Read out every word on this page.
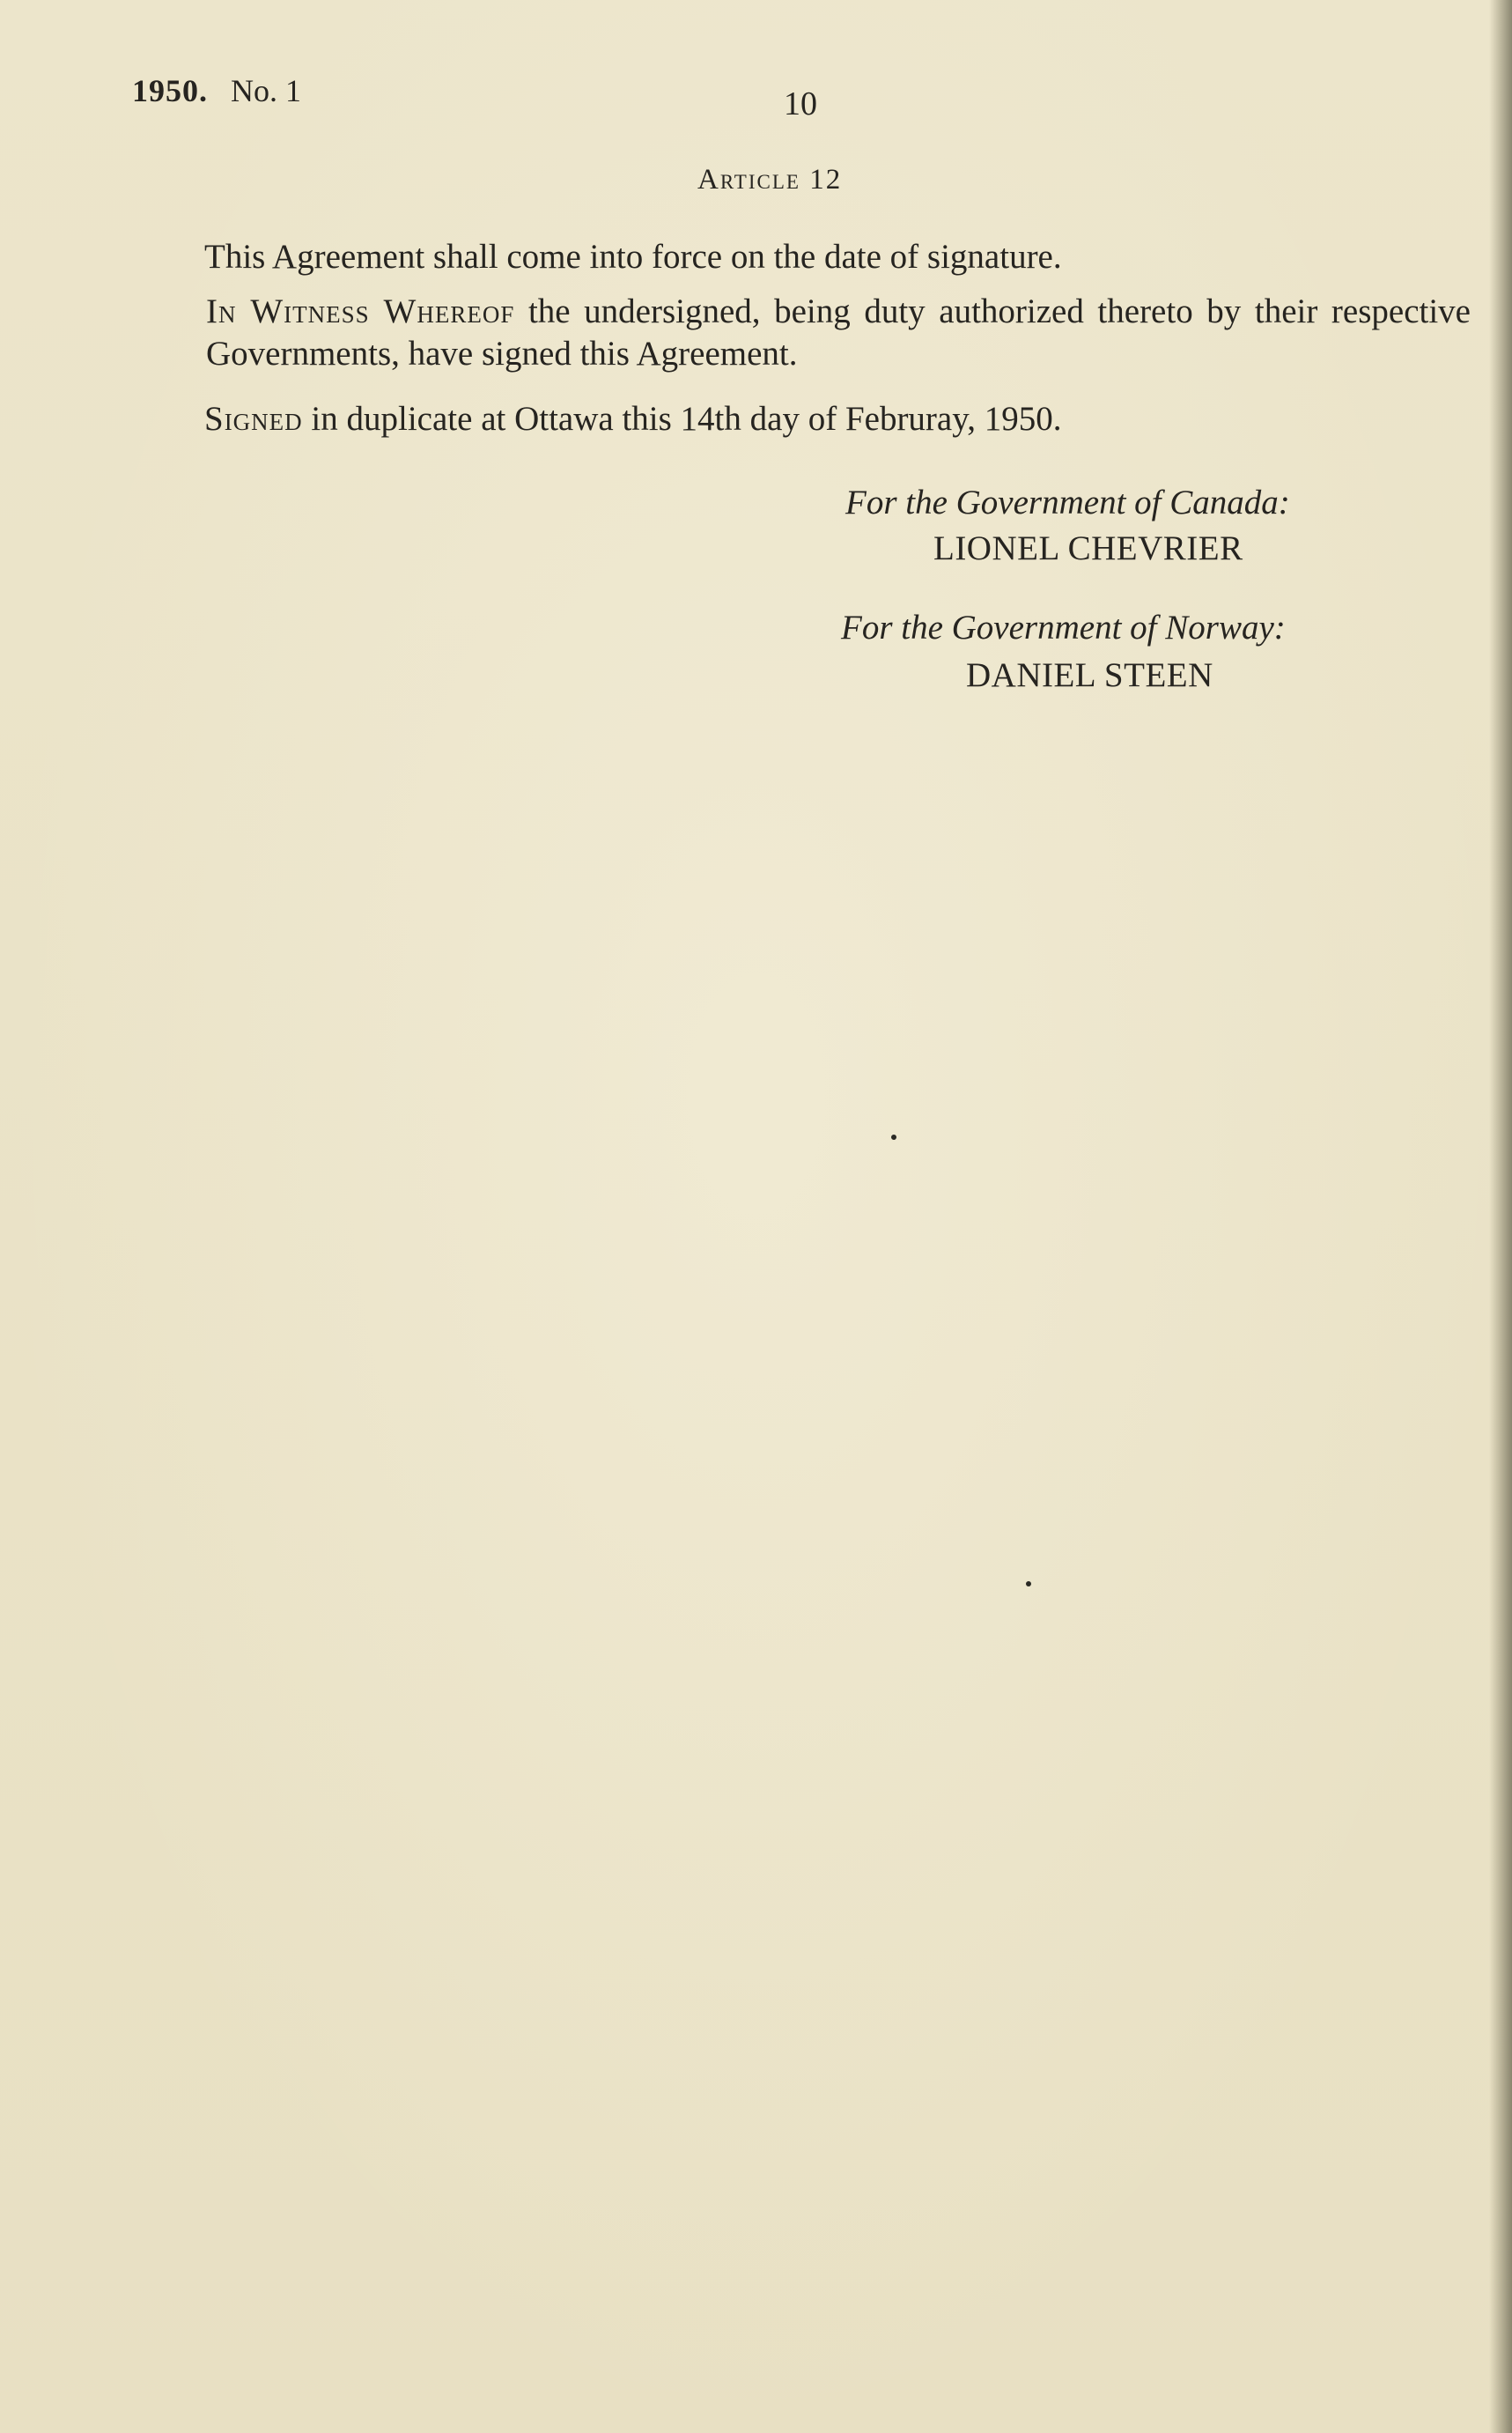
1950. No. 1	10
Article 12
This Agreement shall come into force on the date of signature.
In Witness Whereof the undersigned, being duty authorized thereto by their respective Governments, have signed this Agreement.
Signed in duplicate at Ottawa this 14th day of Februray, 1950.
For the Government of Canada:
LIONEL CHEVRIER
For the Government of Norway:
DANIEL STEEN
